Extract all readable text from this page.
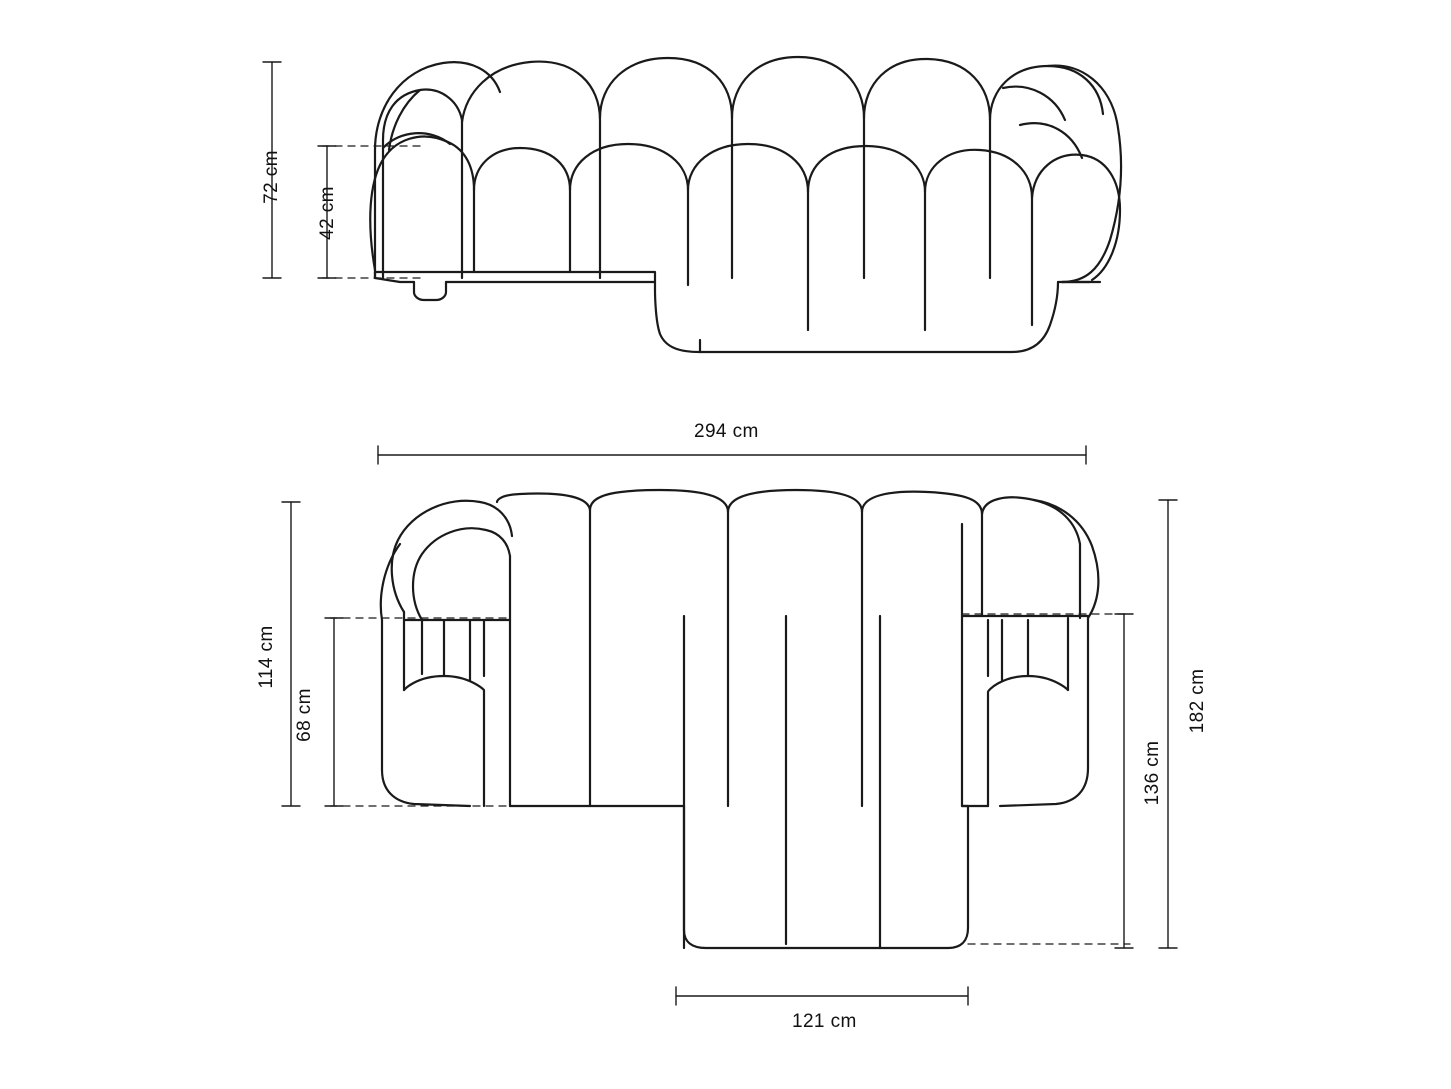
72 cm
42 cm
294 cm
114 cm
68 cm	182 cm
136 cm
121 cm
